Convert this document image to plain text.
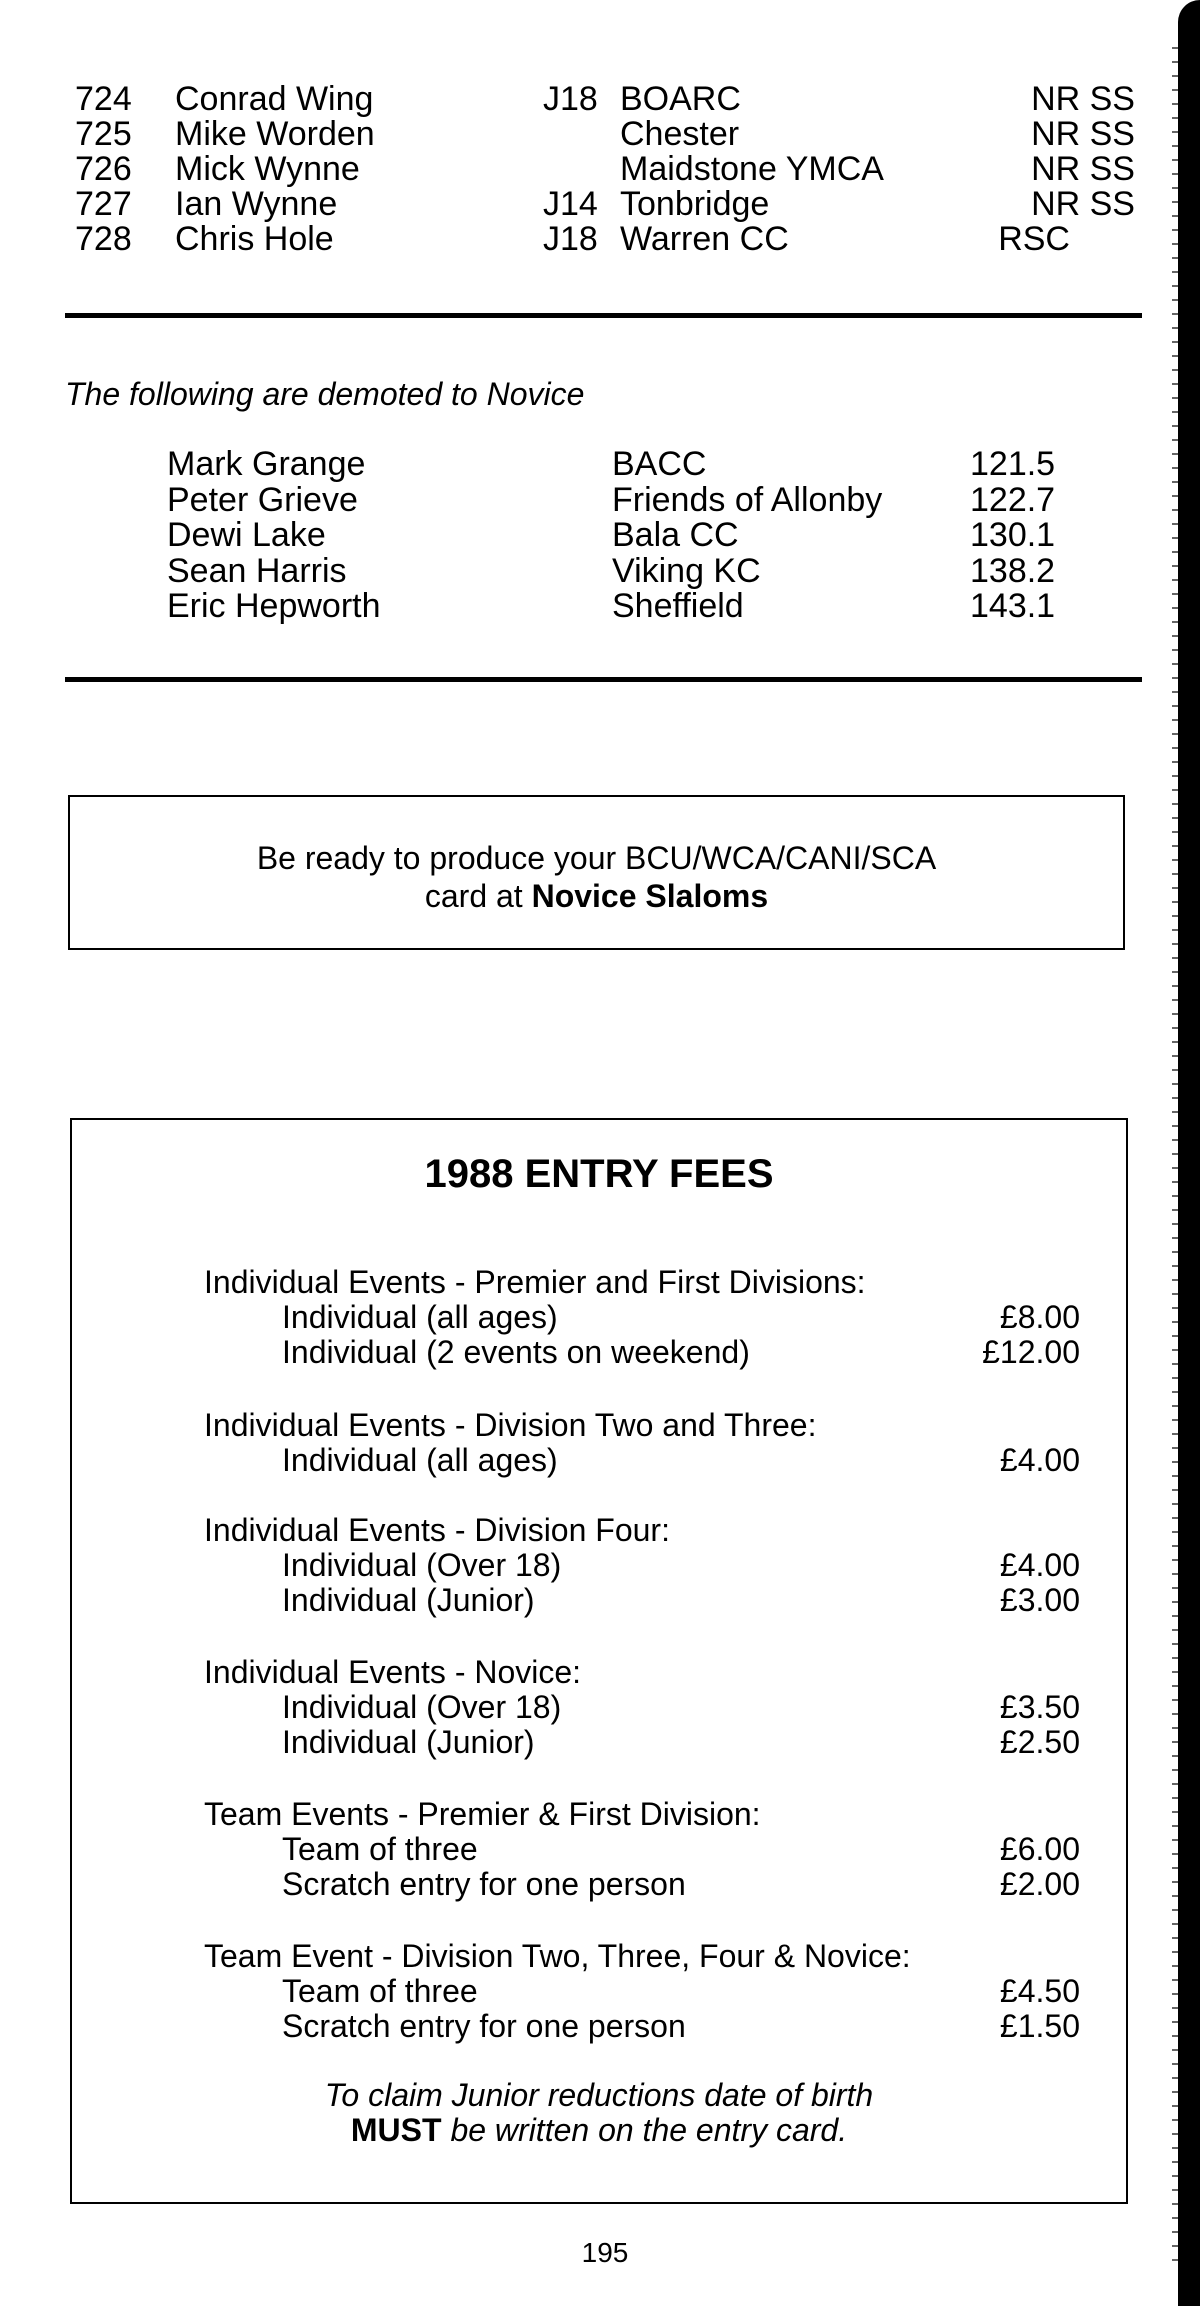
724 Conrad Wing	J18 BOARC	NR SS
725 Mike Worden	Chester	NR SS
726 Mick Wynne	Maidstone YMCA	NR SS
727 Ian Wynne	J14 Tonbridge	NR SS
728 Chris Hole	J18 Warren CC	RSC
The following are demoted to Novice
Mark Grange	BACC	121.5
Peter Grieve	Friends of Allonby	122.7
Dewi Lake	Bala CC	130.1
Sean Harris	Viking KC	138.2
Eric Hepworth	Sheffield	143.1
Be ready to produce your BCU/WCA/CANI/SCA
card at Novice Slaloms
1988 ENTRY FEES
Individual Events - Premier and First Divisions:
Individual (all ages)	£8.00
Individual (2 events on weekend)	£12.00
Individual Events - Division Two and Three:
Individual (all ages)	£4.00
Individual Events - Division Four:
Individual (Over 18)	£4.00
Individual (Junior)	£3.00
Individual Events - Novice:
Individual (Over 18)	£3.50
Individual (Junior)	£2.50
Team Events - Premier & First Division:
Team of three	£6.00
Scratch entry for one person	£2.00
Team Event - Division Two, Three, Four & Novice:
Team of three	£4.50
Scratch entry for one person	£1.50
To claim Junior reductions date of birth
MUST be written on the entry card.
195
